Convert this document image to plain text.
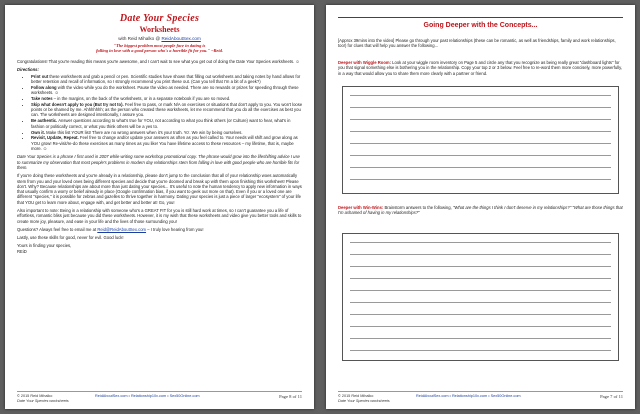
Date Your Species
Worksheets
with Reid Mihalko @ ReidAboutSex.com
"The biggest problem most people face in dating is
falling in love with a good person who's a horrible fit for you." ~Reid.

Congratulations! That you're reading this means you're awesome, and I can't wait to see what you get out of doing the Date Your Species worksheets. ☺

Directions:
• Print out these worksheets and grab a pencil or pen. Scientific studies have shown that filling out worksheets and taking notes by hand allows for better retention and recall of information, so I strongly recommend you print these out. (Can you tell that I'm a bit of a geek?)
• Follow along with the video while you do the worksheet. Pause the video as needed. There are no rewards or prizes for speeding through these worksheets. ☺
• Take notes – in the margins, on the back of the worksheets, or in a separate notebook if you are so moved.
• Skip what doesn't apply to you (But try not to). Feel free to pass, or mark N/A on exercises or situations that don't apply to you. You won't loose points or be shamed by me. Ahhhhhhh; as the person who created these worksheets, let me recommend that you do all the exercises as best you can. The worksheets are designed intentionally, I assure you.
• Be authentic. Answer questions according to what's true for YOU, not according to what you think others (or Culture) want to hear, what's in fashion or politically correct, or what you think others will be a yes to.
• Own it. Make this list YOUR list! There are no wrong answers when it's your truth. Yo'. We win by being ourselves.
• Revisit, Update, Repeat. Feel free to change and/or update your answers as often as you feel called to. Your needs will shift and grow along as YOU grow! Re-visit/re-do these exercises as many times as you like! You have lifetime access to these resources – my lifetime, that is, maybe more. ☺

Date Your Species is a phrase I first used in 2007 while writing some workshop promotional copy. The phrase would grow into the lifeshifting advice I use to summarize my observation that most people's problems in modern day relationships stem from falling in love with good people who are horrible fits for them.

If you're doing these worksheets and you're already in a relationship, please don't jump to the conclusion that all of your relationship woes automatically stem from you and your loved ones being different species and decide that you're doomed and break up with them upon finishing this worksheet! Please don't. Why? Because relationships are about more than just dating your species... It's useful to note the human tendency to apply new information in ways that usually confirm a worry or belief already in place (Google confirmation bias, if you want to geek out more on that). Even if you or a loved one are different "species," it is possible for zebras and gazelles to thrive together in harmony. Dating your species is just a piece of larger "ecosystem" of your life that YOU get to learn more about, engage with, and get better and better at! Go, you!

Also important to note: Being in a relationship with someone who's a GREAT FIT for you is still hard work at times, so I can't guarantee you a life of effortless, romantic bliss just because you did these worksheets. However, it is my wish that these worksheets and video give you better tools and skills to create more joy, pleasure, and ease in your life and the lives of those surrounding you!

Questions? Always feel free to email me at Reid@ReidAboutSex.com – I truly love hearing from you!

Lastly, use these skills for good, never for evil. Good luck!

Yours in finding your species,
REiD
© 2015 Reid Mihalko	ReidAboutSex.com • Relationship10x.com • Sex50Online.com	Page 8 of 11
Date Your Species worksheets
Going Deeper with the Concepts...
[Approx 39mins into the video] Please go through your past relationships (these can be romantic, as well as friendships, family and work relationships, too!) for clues that will help you answer the following...
Deeper with Wiggle Room: Look at your wiggle room inventory on Page 5 and circle any that you recognize as being really great "dashboard lights" for you that signal something else is bothering you in the relationship. Copy your top 2 or 3 below. Feel free to re-word them more concisely, more powerfully, in a way that would allow you to share them more clearly with a partner or friend.
Deeper with Win-Wins: Brainstorm answers to the following, "What are the things I think I don't deserve in my relationships?" "What are those things that I'm ashamed of having in my relationships?"
© 2015 Reid Mihalko	ReidAboutSex.com • Relationship10x.com • Sex50Online.com	Page 7 of 11
Date Your Species worksheets
